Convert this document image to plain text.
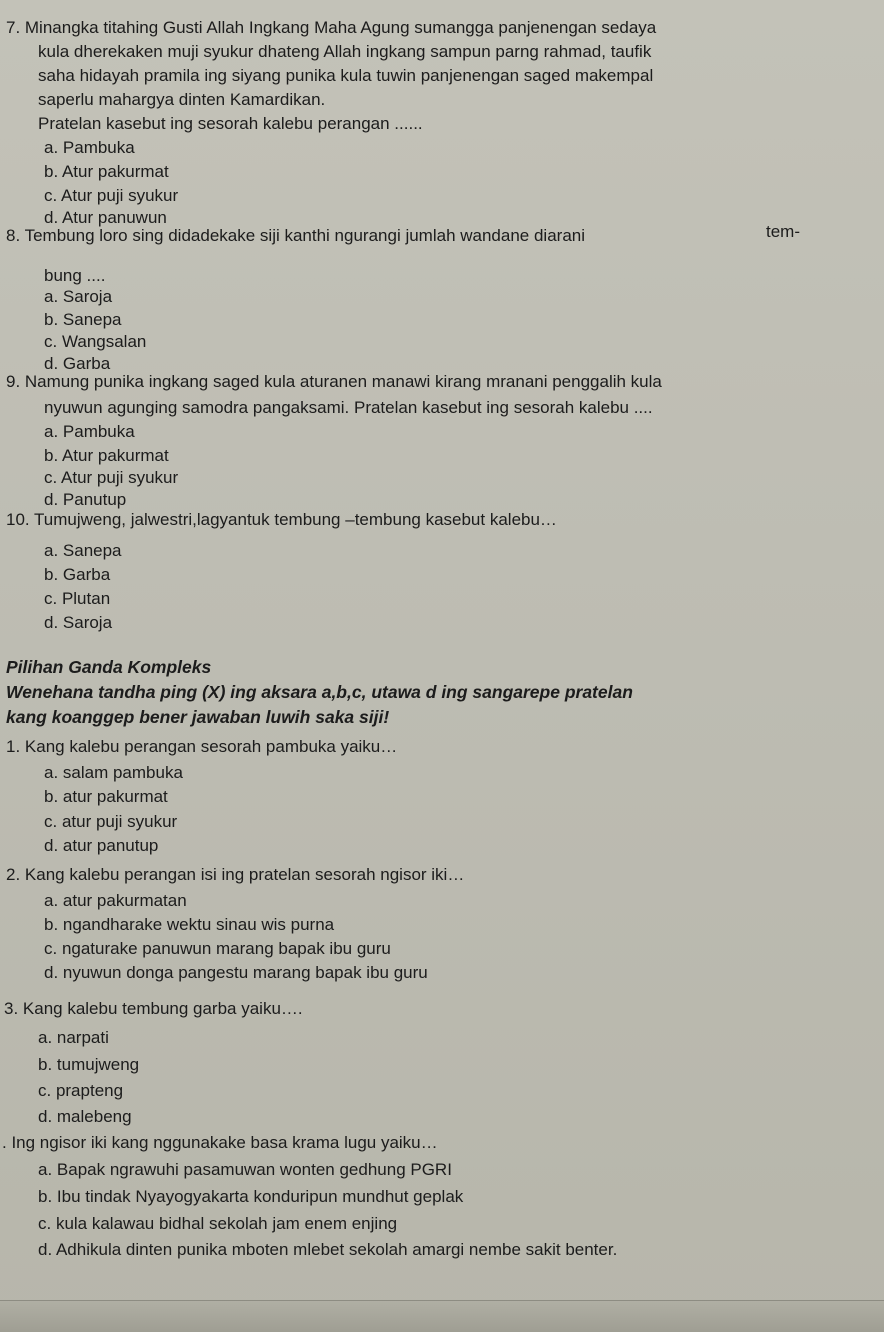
7. Minangka titahing Gusti Allah Ingkang Maha Agung sumangga panjenengan sedaya
kula dherekaken muji syukur dhateng Allah ingkang sampun parng rahmad, taufik
saha hidayah pramila ing siyang punika kula tuwin panjenengan saged makempal
saperlu mahargya dinten Kamardikan.
Pratelan kasebut ing sesorah kalebu perangan ......
a. Pambuka
b. Atur pakurmat
c. Atur puji syukur
d. Atur panuwun
8. Tembung loro sing didadekake siji kanthi ngurangi jumlah wandane diarani	tem-
bung ....
a. Saroja
b. Sanepa
c. Wangsalan
d. Garba
9. Namung punika ingkang saged kula aturanen manawi kirang mranani penggalih kula
nyuwun agunging samodra pangaksami. Pratelan kasebut ing sesorah kalebu ....
a. Pambuka
b. Atur pakurmat
c. Atur puji syukur
d. Panutup
10. Tumujweng, jalwestri,lagyantuk tembung –tembung kasebut kalebu…
a. Sanepa
b. Garba
c. Plutan
d. Saroja
Pilihan Ganda Kompleks
Wenehana tandha ping (X) ing aksara a,b,c, utawa d ing sangarepe pratelan
kang koanggep bener jawaban luwih saka siji!
1. Kang kalebu perangan sesorah pambuka yaiku…
a. salam pambuka
b. atur pakurmat
c. atur puji syukur
d. atur panutup
2. Kang kalebu perangan isi ing pratelan sesorah ngisor iki…
a. atur pakurmatan
b. ngandharake wektu sinau wis purna
c. ngaturake panuwun marang bapak ibu guru
d. nyuwun donga pangestu marang bapak ibu guru
3. Kang kalebu tembung garba yaiku….
a. narpati
b. tumujweng
c. prapteng
d. malebeng
. Ing ngisor iki kang nggunakake basa krama lugu yaiku…
a. Bapak ngrawuhi pasamuwan wonten gedhung PGRI
b. Ibu tindak Nyayogyakarta konduripun mundhut geplak
c. kula kalawau bidhal sekolah jam enem enjing
d. Adhikula dinten punika mboten mlebet sekolah amargi nembe sakit benter.
